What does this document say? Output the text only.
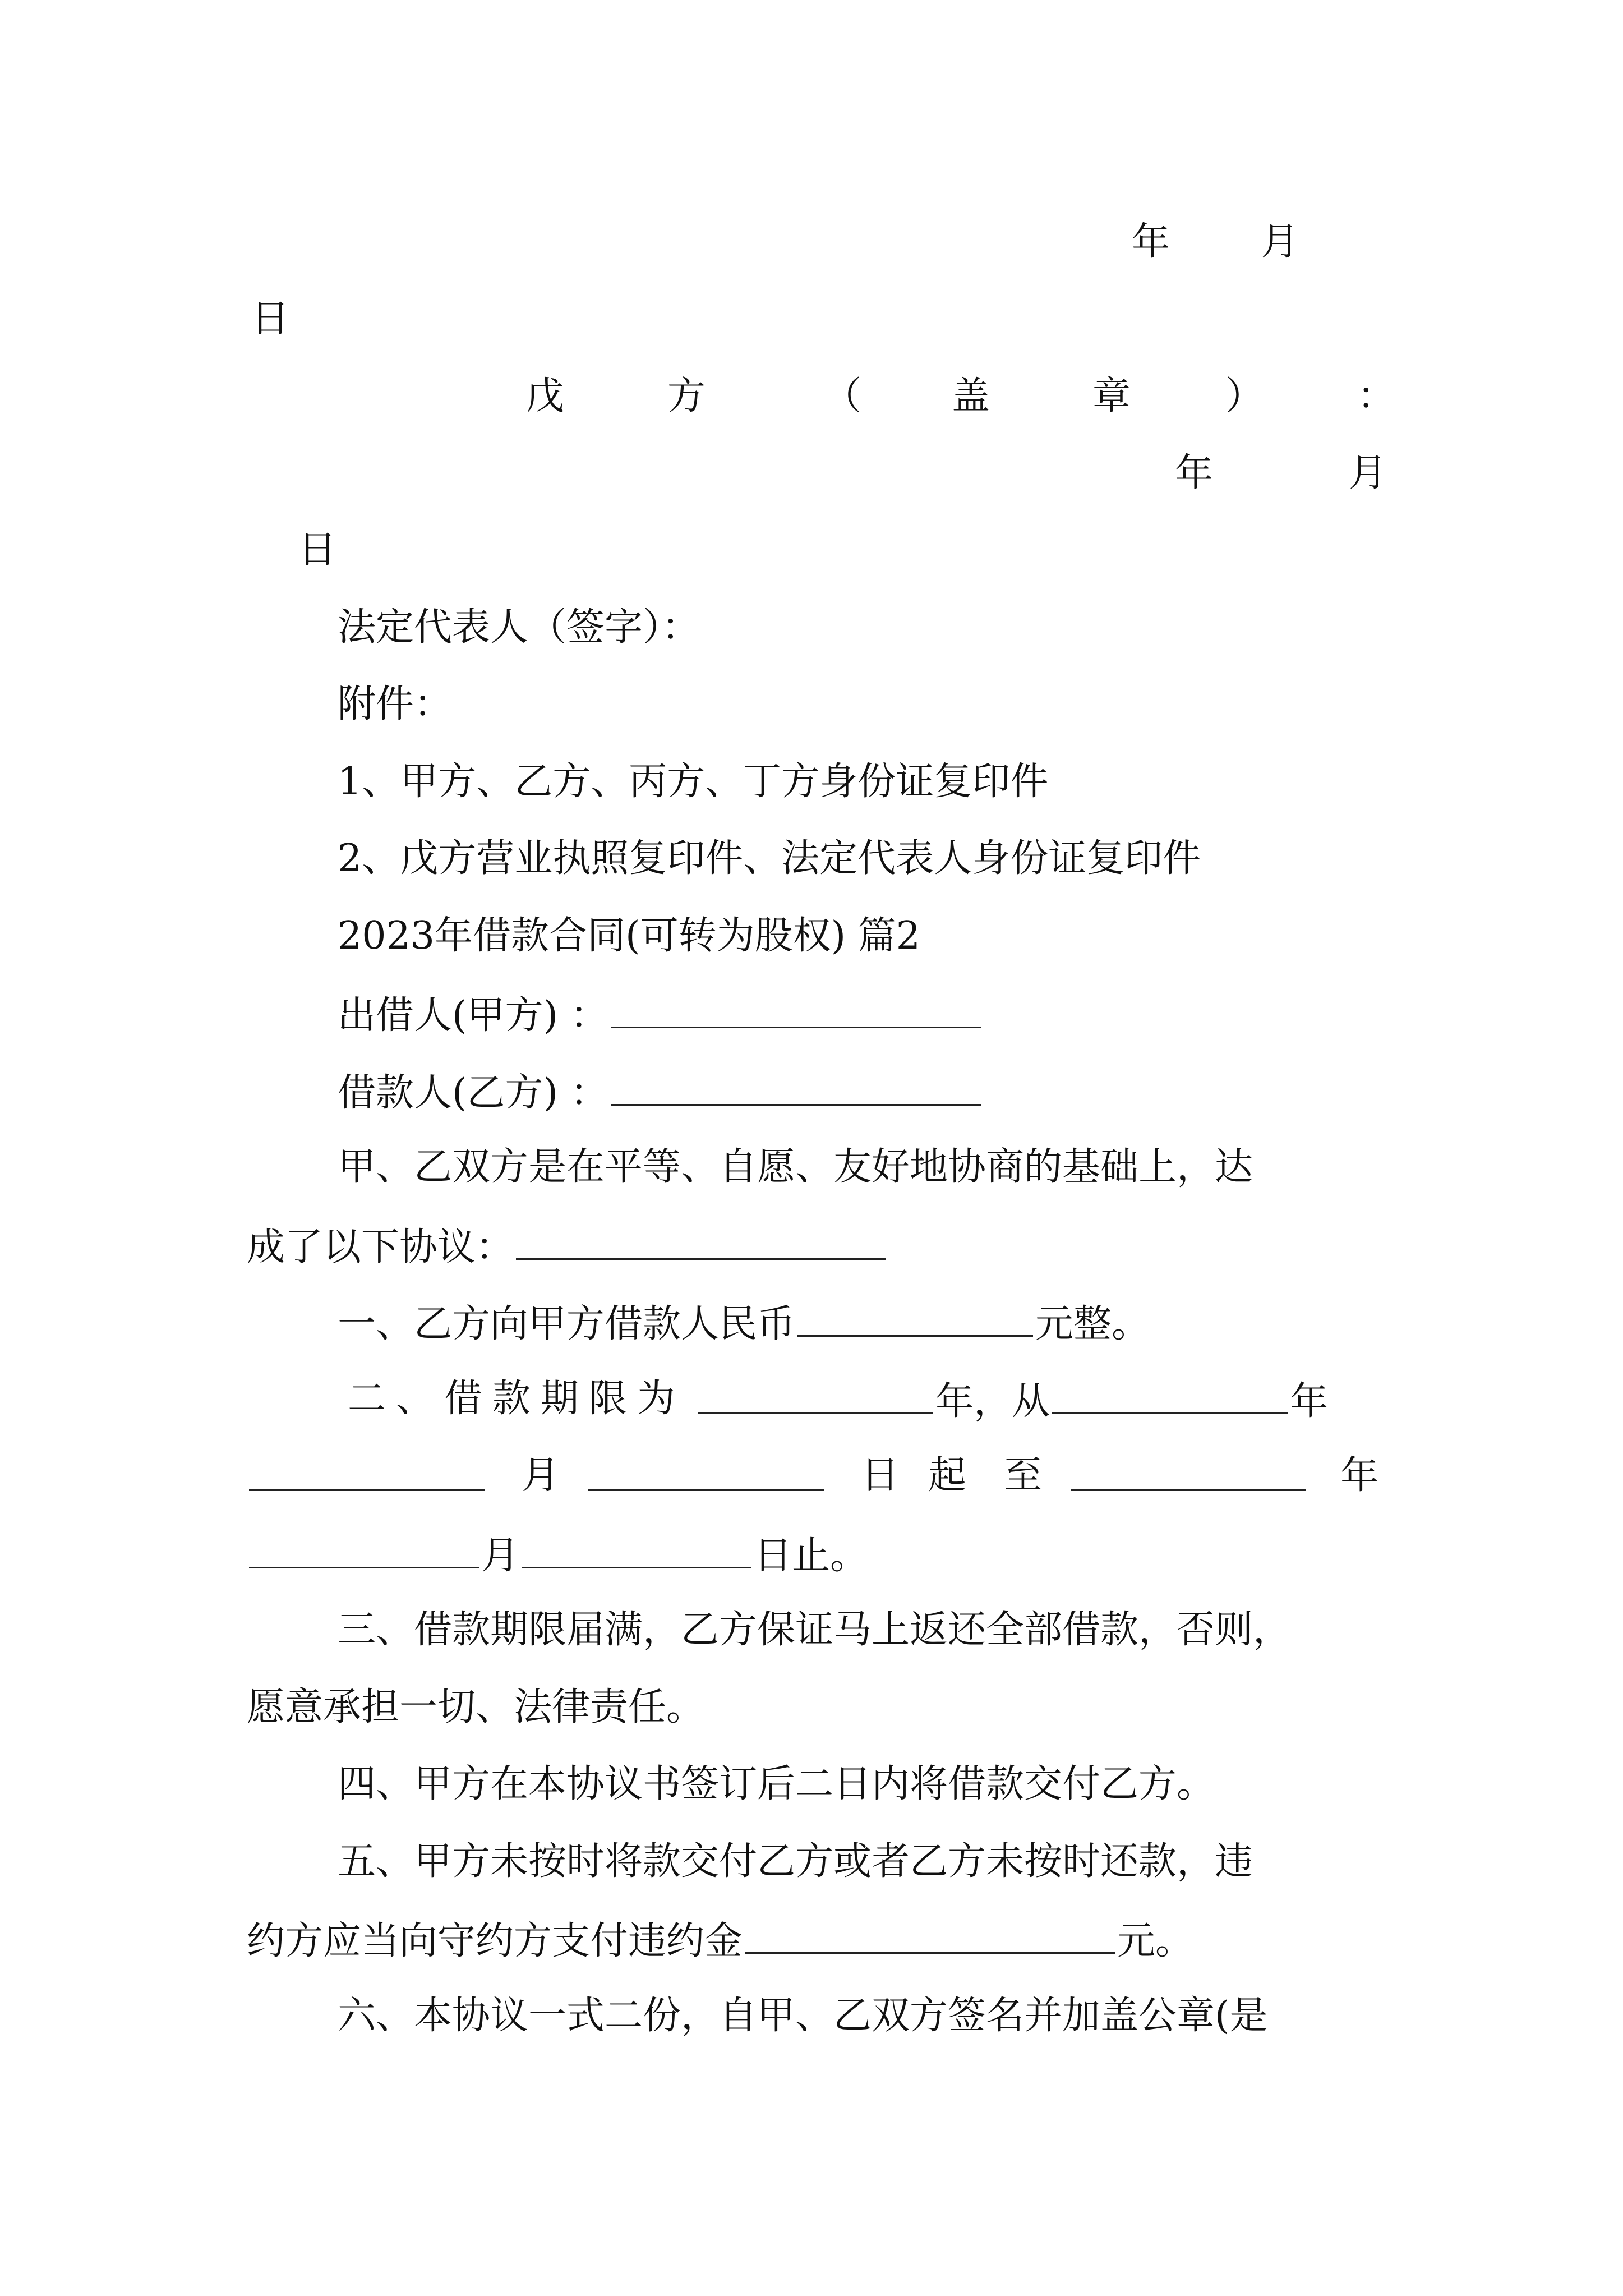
年 月
日
戊	方	（ 盖	章 ） ：
年	月
日
法定代表人（签字）：
附件：
1、甲方、乙方、丙方、丁方身份证复印件
2、戊方营业执照复印件、法定代表人身份证复印件
2023年借款合同(可转为股权) 篇2
出借人(甲方) ：
借款人(乙方) ：
甲、乙双方是在平等、自愿、友好地协商的基础上，达
成了以下协议：
一、乙方向甲方借款人民币	元整。
二、借款期限为	年，从	年
月	日 起 至	年
月	日止。
三、借款期限届满，乙方保证马上返还全部借款，否则，
愿意承担一切、法律责任。
四、甲方在本协议书签订后二日内将借款交付乙方。
五、甲方未按时将款交付乙方或者乙方未按时还款，违
约方应当向守约方支付违约金	元。
六、本协议一式二份，自甲、乙双方签名并加盖公章(是
